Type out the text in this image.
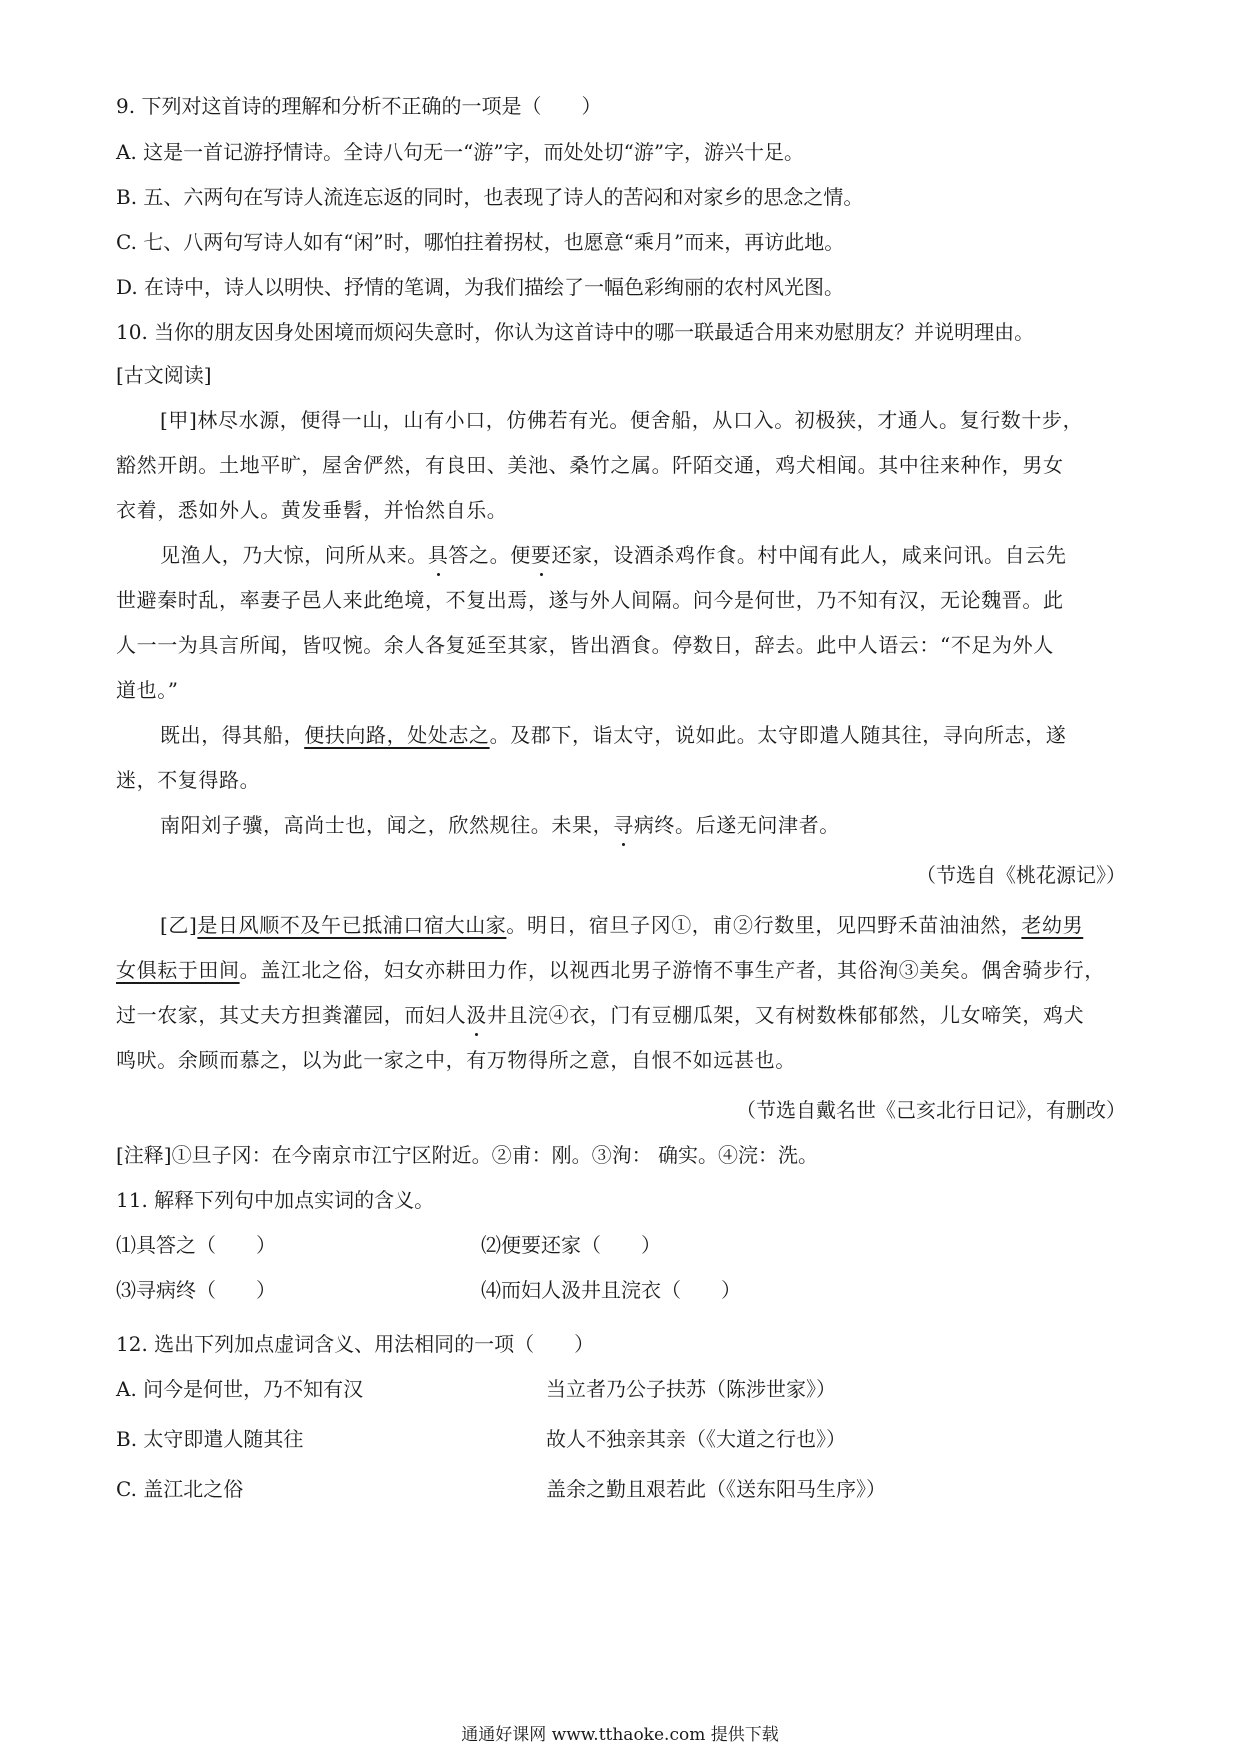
9. 下列对这首诗的理解和分析不正确的一项是（　　）
A. 这是一首记游抒情诗。全诗八句无一“游”字，而处处切“游”字，游兴十足。
B. 五、六两句在写诗人流连忘返的同时，也表现了诗人的苦闷和对家乡的思念之情。
C. 七、八两句写诗人如有“闲”时，哪怕拄着拐杖，也愿意“乘月”而来，再访此地。
D. 在诗中，诗人以明快、抒情的笔调，为我们描绘了一幅色彩绚丽的农村风光图。
10. 当你的朋友因身处困境而烦闷失意时，你认为这首诗中的哪一联最适合用来劝慰朋友？并说明理由。
[古文阅读]
[甲]林尽水源，便得一山，山有小口，仿佛若有光。便舍船，从口入。初极狭，才通人。复行数十步，
豁然开朗。土地平旷，屋舍俨然，有良田、美池、桑竹之属。阡陌交通，鸡犬相闻。其中往来种作，男女
衣着，悉如外人。黄发垂髫，并怡然自乐。
见渔人，乃大惊，问所从来。具答之。便要还家，设酒杀鸡作食。村中闻有此人，咸来问讯。自云先
世避秦时乱，率妻子邑人来此绝境，不复出焉，遂与外人间隔。问今是何世，乃不知有汉，无论魏晋。此
人一一为具言所闻，皆叹惋。余人各复延至其家，皆出酒食。停数日，辞去。此中人语云：“不足为外人
道也。”
既出，得其船，便扶向路，处处志之。及郡下，诣太守，说如此。太守即遣人随其往，寻向所志，遂
迷，不复得路。
南阳刘子骥，高尚士也，闻之，欣然规往。未果，寻病终。后遂无问津者。
（节选自《桃花源记》）
[乙]是日风顺不及午已抵浦口宿大山家。明日，宿旦子冈①，甫②行数里，见四野禾苗油油然，老幼男
女俱耘于田间。盖江北之俗，妇女亦耕田力作，以视西北男子游惰不事生产者，其俗洵③美矣。偶舍骑步行，
过一农家，其丈夫方担粪灌园，而妇人汲井且浣④衣，门有豆棚瓜架，又有树数株郁郁然，儿女啼笑，鸡犬
鸣吠。余顾而慕之，以为此一家之中，有万物得所之意，自恨不如远甚也。
（节选自戴名世《己亥北行日记》，有删改）
[注释]①旦子冈：在今南京市江宁区附近。②甫：刚。③洵： 确实。④浣：洗。
11. 解释下列句中加点实词的含义。
⑴具答之（　　）	⑵便要还家（　　）
⑶寻病终（　　）	⑷而妇人汲井且浣衣（　　）
12. 选出下列加点虚词含义、用法相同的一项（　　）
A. 问今是何世，乃不知有汉	当立者乃公子扶苏（陈涉世家》）
B. 太守即遣人随其往	故人不独亲其亲（《大道之行也》）
C. 盖江北之俗	盖余之勤且艰若此（《送东阳马生序》）
通通好课网 www.tthaoke.com 提供下载
